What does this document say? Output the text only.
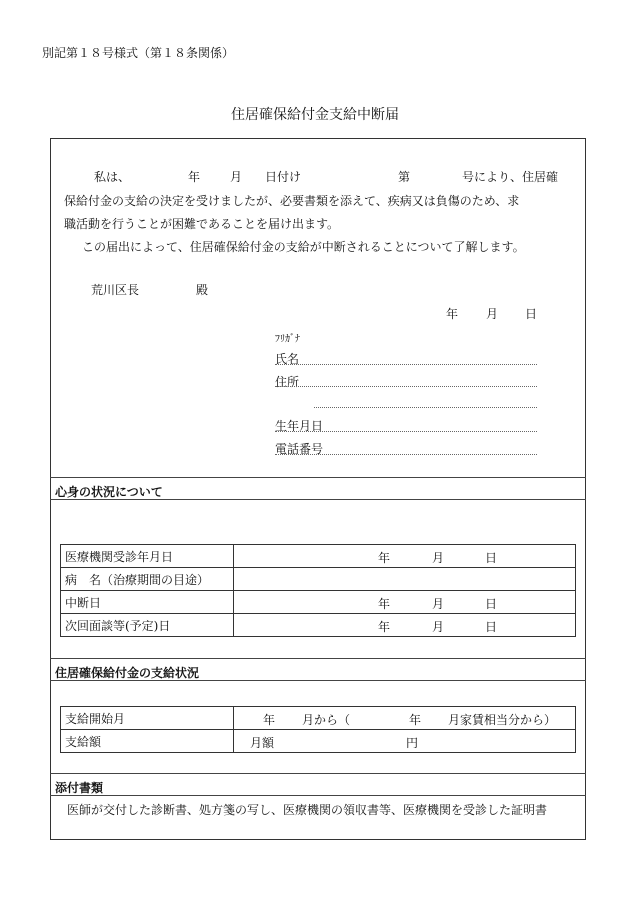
別記第１８号様式（第１８条関係）
住居確保給付金支給中断届
私は、	年 月 日付け	第	号により、住居確
保給付金の支給の決定を受けましたが、必要書類を添えて、疾病又は負傷のため、求
職活動を行うことが困難であることを届け出ます。
この届出によって、住居確保給付金の支給が中断されることについて了解します。
荒川区長	殿
年 月 日
ﾌﾘｶﾞﾅ
氏名
住所
生年月日
電話番号
心身の状況について
医療機関受診年月日	年 月 日

病　名（治療期間の目途）	

中断日	年 月 日

次回面談等(予定)日	年 月 日
住居確保給付金の支給状況
支給開始月	年 月から（ 年 月家賃相当分から）

支給額	月額 円
添付書類
医師が交付した診断書、処方箋の写し、医療機関の領収書等、医療機関を受診した証明書
